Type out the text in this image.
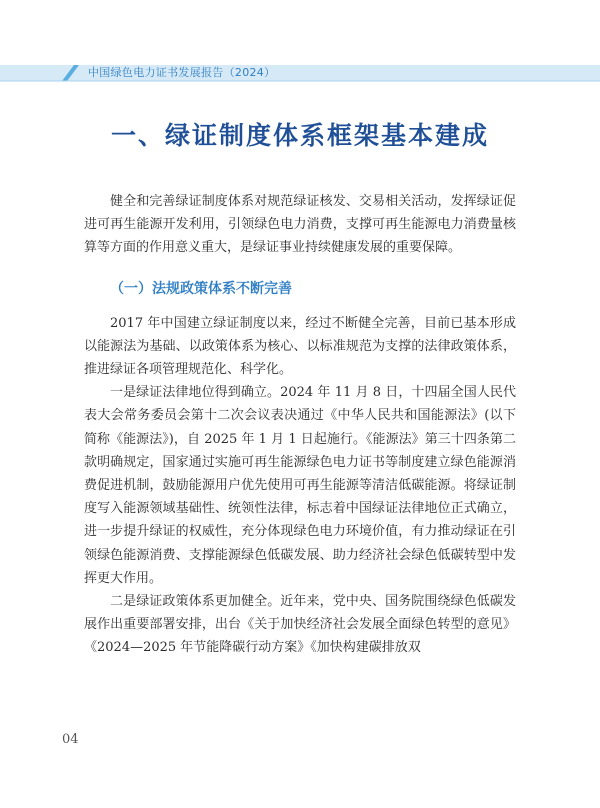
中国绿色电力证书发展报告（2024）
一、绿证制度体系框架基本建成

健全和完善绿证制度体系对规范绿证核发、交易相关活动，发挥绿证促进可再生能源开发利用，引领绿色电力消费，支撑可再生能源电力消费量核算等方面的作用意义重大，是绿证事业持续健康发展的重要保障。

（一）法规政策体系不断完善

2017 年中国建立绿证制度以来，经过不断健全完善，目前已基本形成以能源法为基础、以政策体系为核心、以标准规范为支撑的法律政策体系，推进绿证各项管理规范化、科学化。

一是绿证法律地位得到确立。2024 年 11 月 8 日，十四届全国人民代表大会常务委员会第十二次会议表决通过《中华人民共和国能源法》(以下简称《能源法》)，自 2025 年 1 月 1 日起施行。《能源法》第三十四条第二款明确规定，国家通过实施可再生能源绿色电力证书等制度建立绿色能源消费促进机制，鼓励能源用户优先使用可再生能源等清洁低碳能源。将绿证制度写入能源领域基础性、统领性法律，标志着中国绿证法律地位正式确立，进一步提升绿证的权威性，充分体现绿色电力环境价值，有力推动绿证在引领绿色能源消费、支撑能源绿色低碳发展、助力经济社会绿色低碳转型中发挥更大作用。

二是绿证政策体系更加健全。近年来，党中央、国务院围绕绿色低碳发展作出重要部署安排，出台《关于加快经济社会发展全面绿色转型的意见》《2024—2025 年节能降碳行动方案》《加快构建碳排放双

04
